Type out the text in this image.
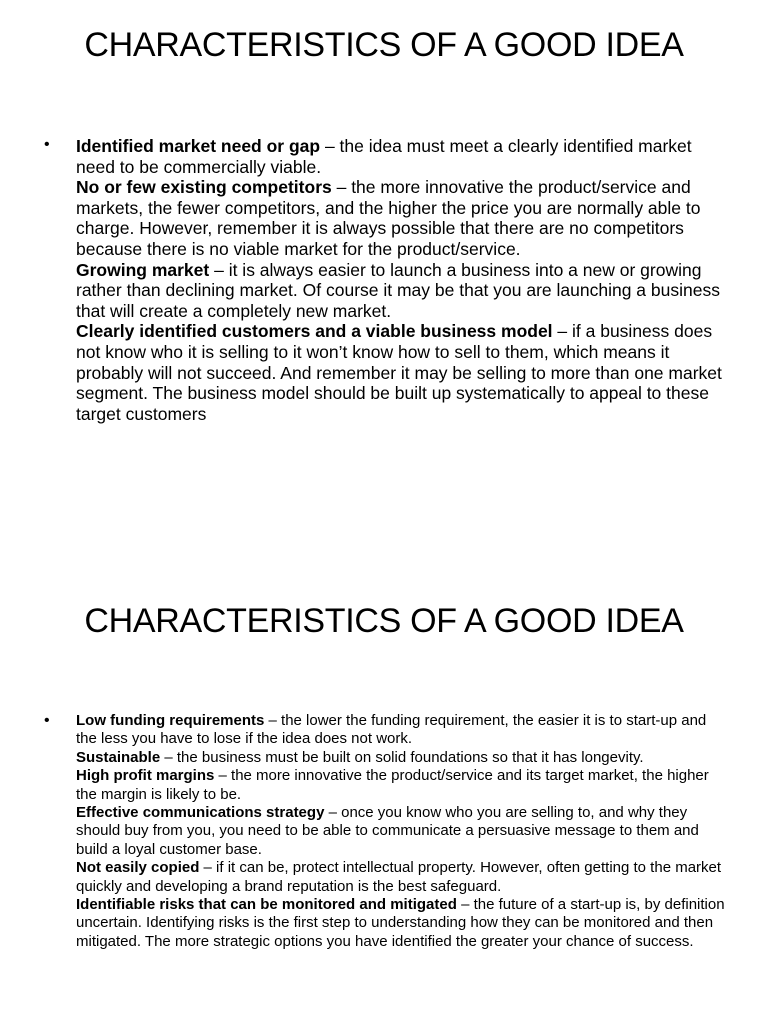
CHARACTERISTICS OF A GOOD IDEA
• Identified market need or gap – the idea must meet a clearly identified market need to be commercially viable.

No or few existing competitors – the more innovative the product/service and markets, the fewer competitors, and the higher the price you are normally able to charge. However, remember it is always possible that there are no competitors because there is no viable market for the product/service.

Growing market – it is always easier to launch a business into a new or growing rather than declining market. Of course it may be that you are launching a business that will create a completely new market.

Clearly identified customers and a viable business model – if a business does not know who it is selling to it won’t know how to sell to them, which means it probably will not succeed. And remember it may be selling to more than one market segment. The business model should be built up systematically to appeal to these target customers

CHARACTERISTICS OF A GOOD IDEA
• Low funding requirements – the lower the funding requirement, the easier it is to start-up and the less you have to lose if the idea does not work.

Sustainable – the business must be built on solid foundations so that it has longevity.

High profit margins – the more innovative the product/service and its target market, the higher the margin is likely to be.

Effective communications strategy – once you know who you are selling to, and why they should buy from you, you need to be able to communicate a persuasive message to them and build a loyal customer base.

Not easily copied – if it can be, protect intellectual property. However, often getting to the market quickly and developing a brand reputation is the best safeguard.

Identifiable risks that can be monitored and mitigated – the future of a start-up is, by definition uncertain. Identifying risks is the first step to understanding how they can be monitored and then mitigated. The more strategic options you have identified the greater your chance of success.
